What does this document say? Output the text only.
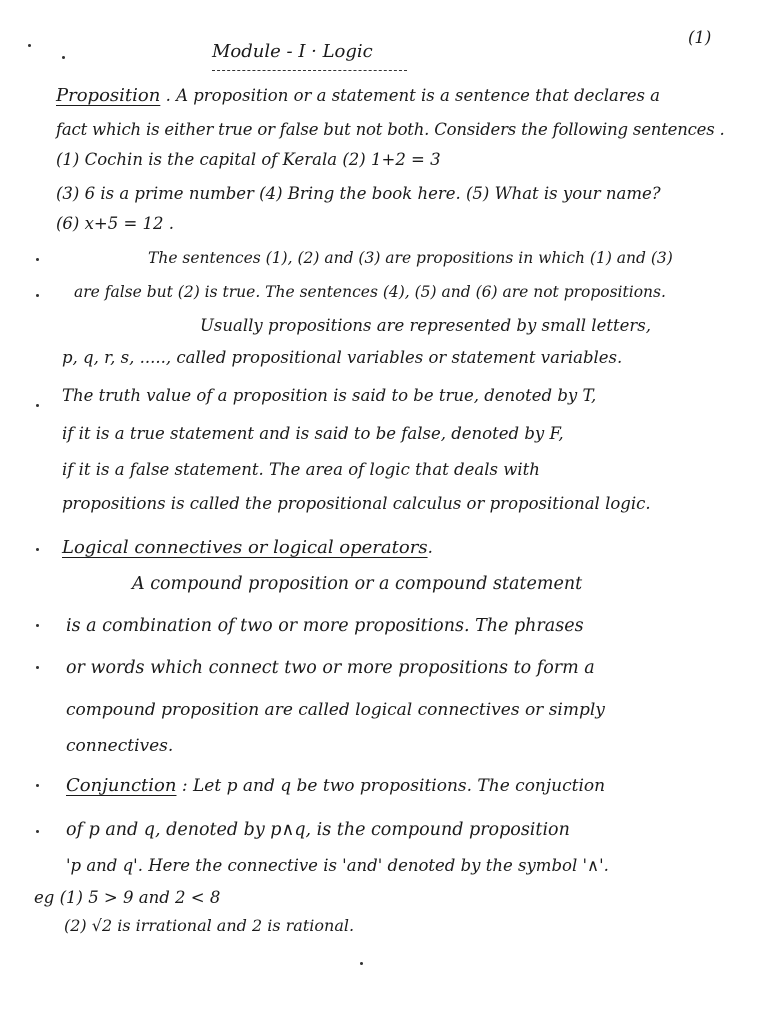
(1)
Module - I · Logic
Proposition . A proposition or a statement is a sentence that declares a
fact which is either true or false but not both. Considers the following sentences .
(1) Cochin is the capital of Kerala (2) 1+2 = 3
(3) 6 is a prime number (4) Bring the book here. (5) What is your name?
(6) x+5 = 12 .
The sentences (1), (2) and (3) are propositions in which (1) and (3)
are false but (2) is true. The sentences (4), (5) and (6) are not propositions.
Usually propositions are represented by small letters,
p, q, r, s, ....., called propositional variables or statement variables.
The truth value of a proposition is said to be true, denoted by T,
if it is a true statement and is said to be false, denoted by F,
if it is a false statement. The area of logic that deals with
propositions is called the propositional calculus or propositional logic.
Logical connectives or logical operators.
A compound proposition or a compound statement
is a combination of two or more propositions. The phrases
or words which connect two or more propositions to form a
compound proposition are called logical connectives or simply
connectives.
Conjunction : Let p and q be two propositions. The conjuction
of p and q, denoted by p∧q, is the compound proposition
'p and q'. Here the connective is 'and' denoted by the symbol '∧'.
eg (1) 5 > 9 and 2 < 8
(2) √2 is irrational and 2 is rational.
